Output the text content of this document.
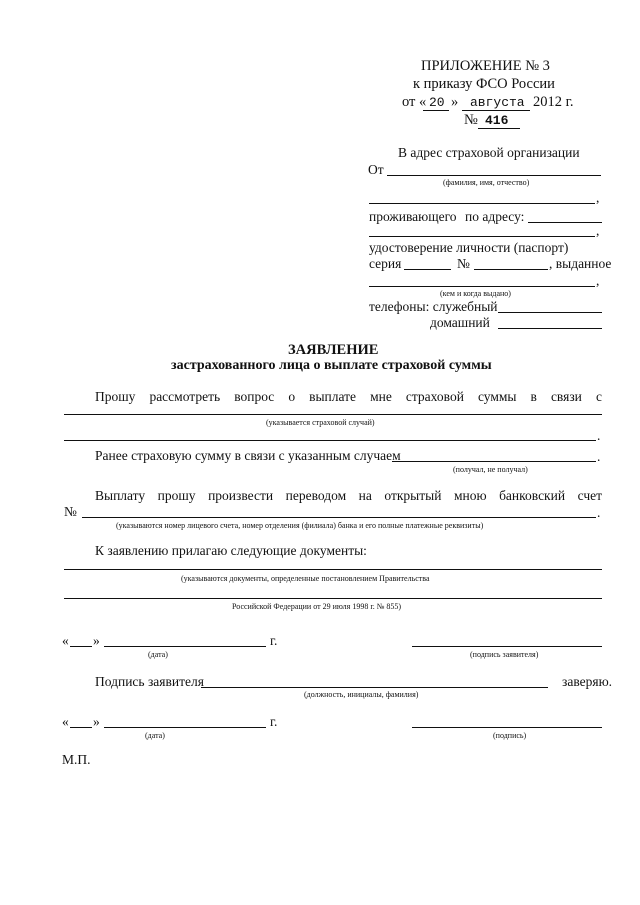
ПРИЛОЖЕНИЕ № 3
к приказу ФСО России
от « 20 » августа 2012 г.
№ 416
В адрес страховой организации
От
(фамилия, имя, отчество)
,
проживающего по адресу:
,
удостоверение личности (паспорт)
серия	№	, выданное
,
(кем и когда выдано)
телефоны: служебный
домашний
ЗАЯВЛЕНИЕ
застрахованного лица о выплате страховой суммы
Прошу рассмотреть вопрос о выплате мне страховой суммы в связи с
(указывается страховой случай)
.
Ранее страховую сумму в связи с указанным случаем	.
(получал, не получал)
Выплату прошу произвести переводом на открытый мною банковский счет
№	.
(указываются номер лицевого счета, номер отделения (филиала) банка и его полные платежные реквизиты)
К заявлению прилагаю следующие документы:
(указываются документы, определенные постановлением Правительства
Российской Федерации от 29 июля 1998 г. № 855)
« »	г.
(дата)	(подпись заявителя)
Подпись заявителя	заверяю.
(должность, инициалы, фамилия)
« »	г.
(дата)	(подпись)
М.П.
